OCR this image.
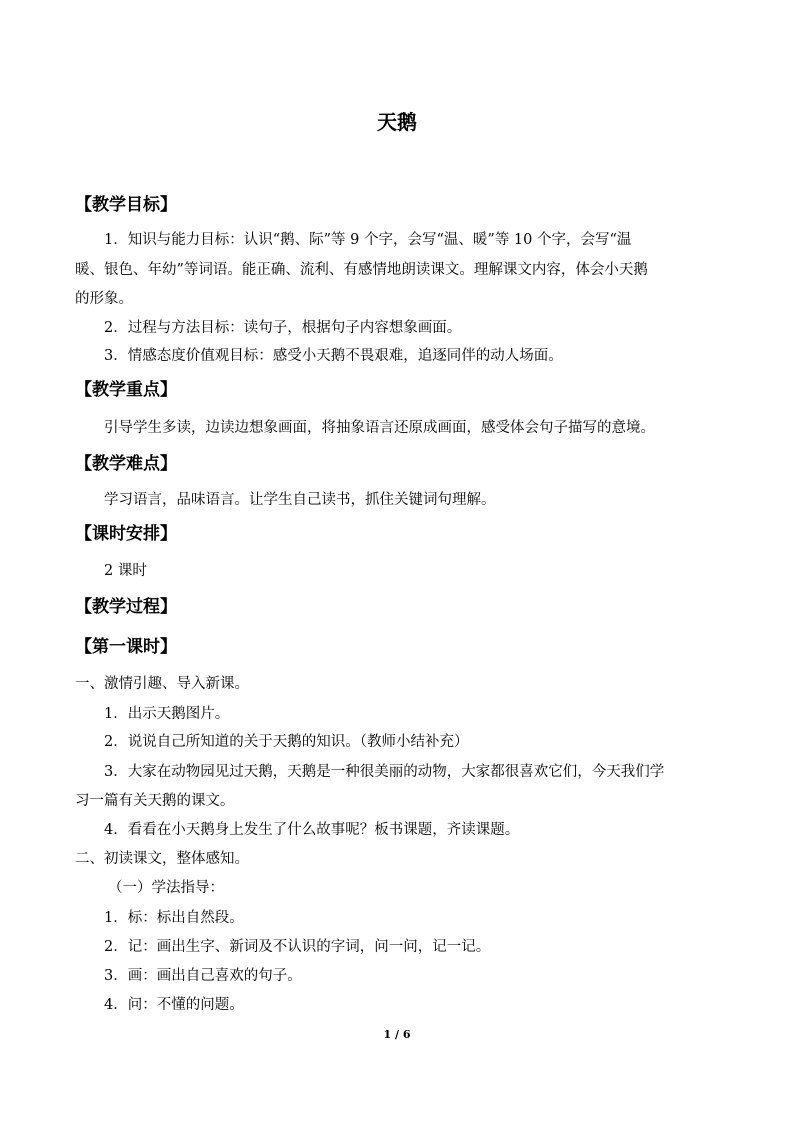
天鹅
【教学目标】
1．知识与能力目标：认识“鹅、际”等 9 个字，会写“温、暖”等 10 个字，会写“温
暖、银色、年幼”等词语。能正确、流利、有感情地朗读课文。理解课文内容，体会小天鹅
的形象。
2．过程与方法目标：读句子，根据句子内容想象画面。
3．情感态度价值观目标：感受小天鹅不畏艰难，追逐同伴的动人场面。
【教学重点】
引导学生多读，边读边想象画面，将抽象语言还原成画面，感受体会句子描写的意境。
【教学难点】
学习语言，品味语言。让学生自己读书，抓住关键词句理解。
【课时安排】
2 课时
【教学过程】
【第一课时】
一、激情引趣、导入新课。
1．出示天鹅图片。
2．说说自己所知道的关于天鹅的知识。（教师小结补充）
3．大家在动物园见过天鹅，天鹅是一种很美丽的动物，大家都很喜欢它们，今天我们学
习一篇有关天鹅的课文。
4．看看在小天鹅身上发生了什么故事呢？板书课题，齐读课题。
二、初读课文，整体感知。
（一）学法指导：
1．标：标出自然段。
2．记：画出生字、新词及不认识的字词，问一问，记一记。
3．画：画出自己喜欢的句子。
4．问：不懂的问题。
1 / 6
